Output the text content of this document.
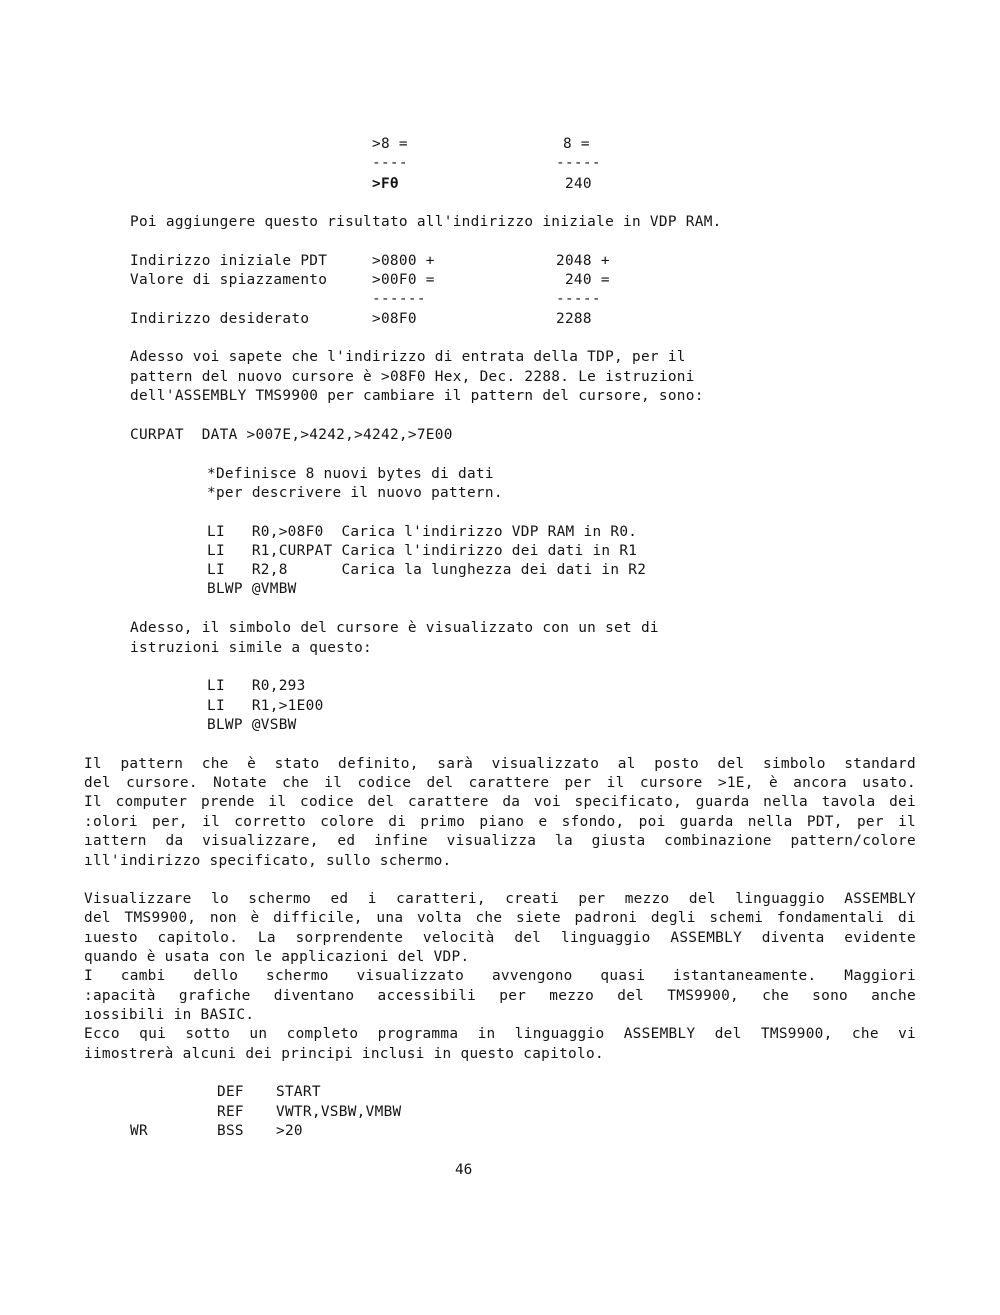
>8 =	8 =
----	-----
>Fθ	240
Poi aggiungere questo risultato all'indirizzo iniziale in VDP RAM.
Indirizzo iniziale PDT	>0800 +	2048 +
Valore di spiazzamento	>00F0 =	240 =
------	-----
Indirizzo desiderato	>08F0	2288
Adesso voi sapete che l'indirizzo di entrata della TDP, per il
pattern del nuovo cursore è >08F0 Hex, Dec. 2288. Le istruzioni
dell'ASSEMBLY TMS9900 per cambiare il pattern del cursore, sono:
CURPAT  DATA >007E,>4242,>4242,>7E00
*Definisce 8 nuovi bytes di dati
*per descrivere il nuovo pattern.
LI   R0,>08F0  Carica l'indirizzo VDP RAM in R0.
LI   R1,CURPAT Carica l'indirizzo dei dati in R1
LI   R2,8      Carica la lunghezza dei dati in R2
BLWP @VMBW
Adesso, il simbolo del cursore è visualizzato con un set di
istruzioni simile a questo:
LI   R0,293
LI   R1,>1E00
BLWP @VSBW
Il pattern che è stato definito, sarà visualizzato al posto del simbolo standard
del cursore. Notate che il codice del carattere per il cursore >1E, è ancora usato.
Il computer prende il codice del carattere da voi specificato, guarda nella tavola dei
:olori per, il corretto colore di primo piano e sfondo, poi guarda nella PDT, per il
ıattern da visualizzare, ed infine visualizza la giusta combinazione pattern/colore
ıll'indirizzo specificato, sullo schermo.
Visualizzare lo schermo ed i caratteri, creati per mezzo del linguaggio ASSEMBLY
del TMS9900, non è difficile, una volta che siete padroni degli schemi fondamentali di
ıuesto capitolo. La sorprendente velocità del linguaggio ASSEMBLY diventa evidente
quando è usata con le applicazioni del VDP.
I cambi dello schermo visualizzato avvengono quasi istantaneamente. Maggiori
:apacità grafiche diventano accessibili per mezzo del TMS9900, che sono anche
ıossibili in BASIC.
Ecco qui sotto un completo programma in linguaggio ASSEMBLY del TMS9900, che vi
iimostrerà alcuni dei principi inclusi in questo capitolo.
DEF START
REF VWTR,VSBW,VMBW
WR	BSS >20
46
